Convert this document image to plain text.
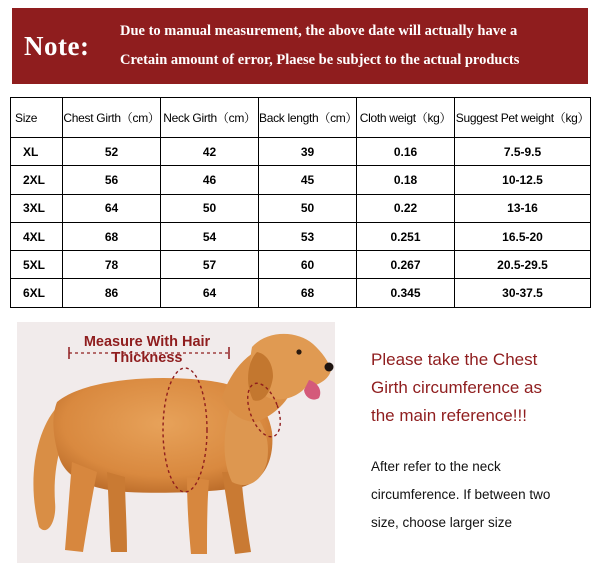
Note:	Due to manual measurement, the above date will actually have a
Cretain amount of error, Plaese be subject to the actual products
Size	Chest Girth（cm）	Neck Girth（cm）	Back length（cm）	Cloth weigt（kg）	Suggest Pet weight（kg）
XL	52	42	39	0.16	7.5-9.5
2XL	56	46	45	0.18	10-12.5
3XL	64	50	50	0.22	13-16
4XL	68	54	53	0.251	16.5-20
5XL	78	57	60	0.267	20.5-29.5
6XL	86	64	68	0.345	30-37.5
Measure With Hair
Thickness	Please take the Chest
Girth circumference as
the main reference!!!
After refer to the neck
circumference. If between two
size, choose larger size
